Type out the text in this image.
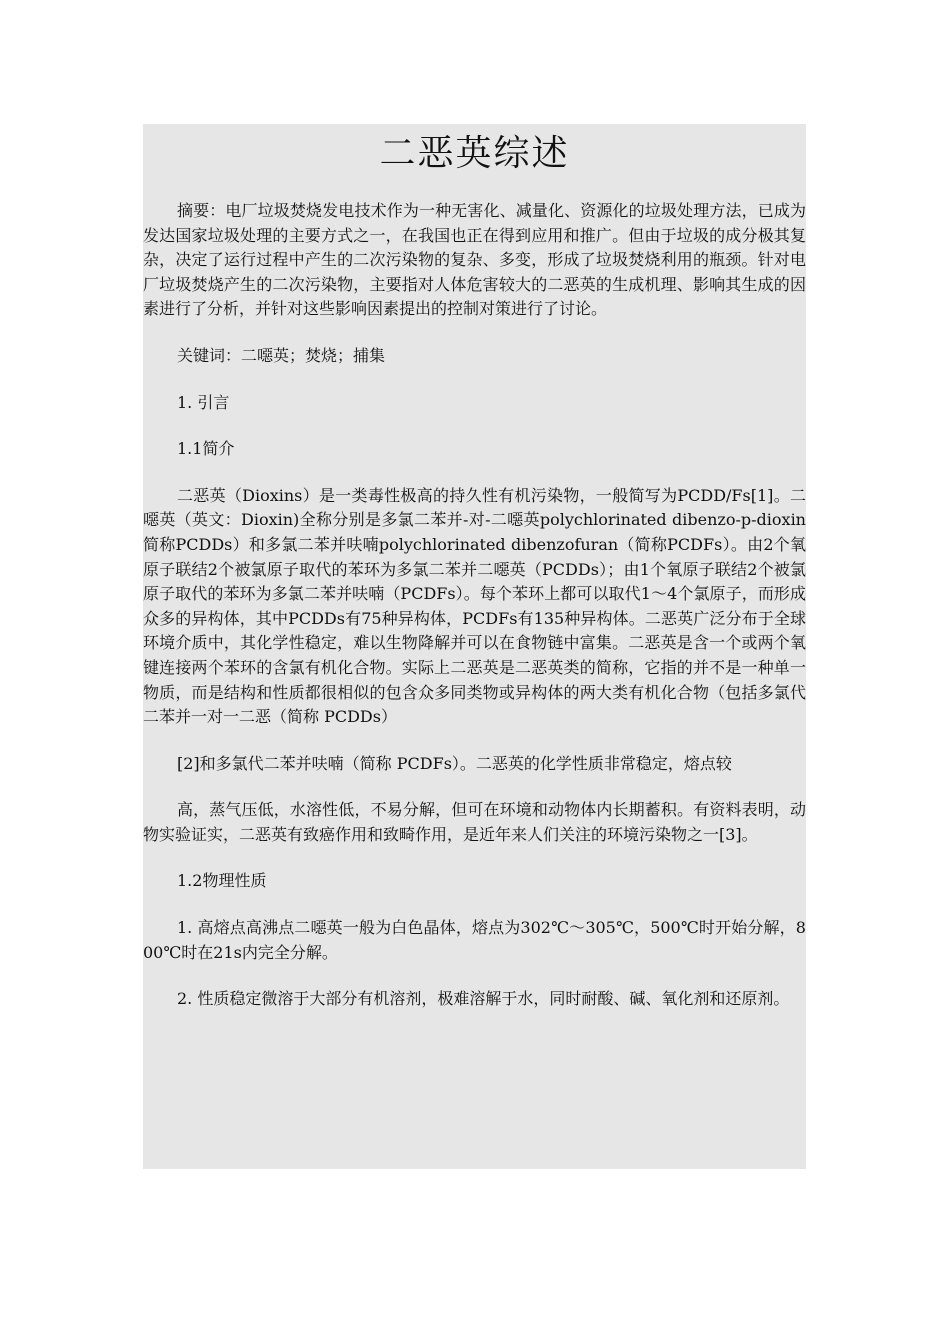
二恶英综述

摘要：电厂垃圾焚烧发电技术作为一种无害化、减量化、资源化的垃圾处理方法，已成为发达国家垃圾处理的主要方式之一，在我国也正在得到应用和推广。但由于垃圾的成分极其复杂，决定了运行过程中产生的二次污染物的复杂、多变，形成了垃圾焚烧利用的瓶颈。针对电厂垃圾焚烧产生的二次污染物，主要指对人体危害较大的二恶英的生成机理、影响其生成的因素进行了分析，并针对这些影响因素提出的控制对策进行了讨论。

关键词：二噁英；焚烧；捕集

1. 引言

1.1简介

二恶英（Dioxins）是一类毒性极高的持久性有机污染物，一般简写为PCDD/Fs[1]。二噁英（英文：Dioxin)全称分别是多氯二苯并-对-二噁英polychlorinated dibenzo-p-dioxin简称PCDDs）和多氯二苯并呋喃polychlorinated dibenzofuran（简称PCDFs）。由2个氧原子联结2个被氯原子取代的苯环为多氯二苯并二噁英（PCDDs）；由1个氧原子联结2个被氯原子取代的苯环为多氯二苯并呋喃（PCDFs）。每个苯环上都可以取代1～4个氯原子，而形成众多的异构体，其中PCDDs有75种异构体，PCDFs有135种异构体。二恶英广泛分布于全球环境介质中，其化学性稳定，难以生物降解并可以在食物链中富集。二恶英是含一个或两个氧键连接两个苯环的含氯有机化合物。实际上二恶英是二恶英类的简称，它指的并不是一种单一物质，而是结构和性质都很相似的包含众多同类物或异构体的两大类有机化合物（包括多氯代二苯并一对一二恶（简称 PCDDs）

[2]和多氯代二苯并呋喃（简称 PCDFs）。二恶英的化学性质非常稳定，熔点较

高，蒸气压低，水溶性低，不易分解，但可在环境和动物体内长期蓄积。有资料表明，动物实验证实，二恶英有致癌作用和致畸作用，是近年来人们关注的环境污染物之一[3]。

1.2物理性质

1. 高熔点高沸点二噁英一般为白色晶体，熔点为302℃～305℃，500℃时开始分解，800℃时在21s内完全分解。

2. 性质稳定微溶于大部分有机溶剂，极难溶解于水，同时耐酸、碱、氧化剂和还原剂。
